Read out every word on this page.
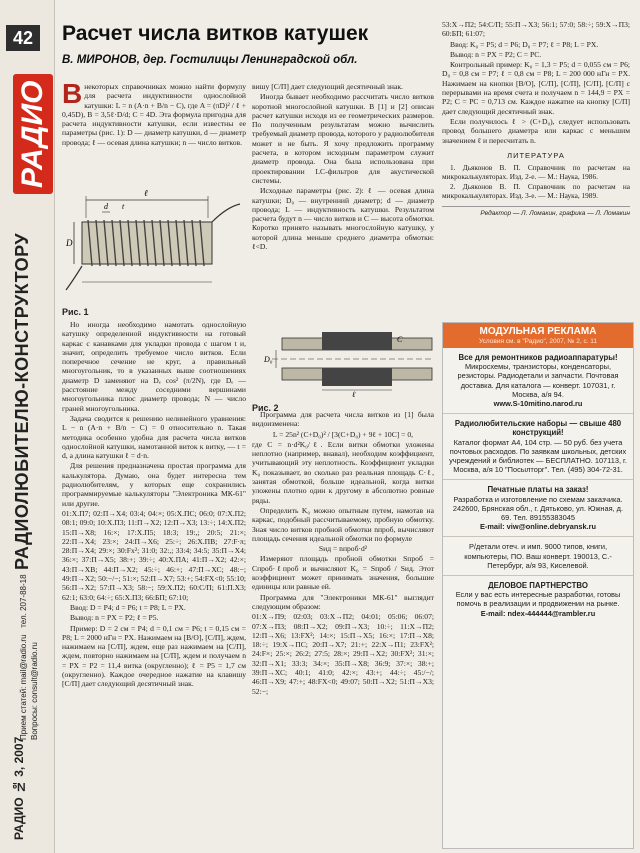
42
РАДИО
РАДИОЛЮБИТЕЛЮ-КОНСТРУКТОРУ
Прием статей: mail@radio.ru   тел. 207-88-18
Вопросы: consult@radio.ru
РАДИО № 3, 2007
Расчет числа витков катушек
В. МИРОНОВ, дер. Гостилицы Ленинградской обл.
В некоторых справочниках можно найти формулу для расчета индуктивности однослойной катушки: L = n (A·n + B/n − C), где A = (πD)² / ℓ + 0,45D), B = 3,5ℓ·D/d; C = 4D. Эта формула пригодна для расчета индуктивности катушки, если известны ее параметры (рис. 1): D — диаметр катушки, d — диаметр провода; ℓ — осевая длина катушки; n — число витков.
ℓ
D
d t
Рис. 1

Но иногда необходимо намотать однослойную катушку определенной индуктивности на готовый каркас с канавками для укладки провода с шагом t и, значит, определить требуемое число витков. Если поперечное сечение не круг, а правильный многоугольник, то в указанных выше соотношениях диаметр D заменяют на Dₑ cos² (π/2N), где Dₑ — расстояние между соседними вершинами многоугольника плюс диаметр провода; N — число граней многоугольника.

Задача сводится к решению нелинейного уравнения: L − n (A·n + B/n − C) = 0 относительно n. Такая методика особенно удобна для расчета числа витков однослойной катушки, намотанной виток к витку, — t = d, а длина катушки ℓ = d·n.

Для решения предназначена простая программа для калькулятора. Думаю, она будет интересна тем радиолюбителям, у которых еще сохранились программируемые калькуляторы "Электроника МК-61" или другие.

01:Х.П7; 02:П→Х4; 03:4; 04:×; 05:Х.ПС; 06:0; 07:Х.П2; 08:1; 09:0; 10:Х.П3; 11:П→Х2; 12:П→Х3; 13:÷; 14:Х.П2; 15:П→Х8; 16:×; 17:Х.П5; 18:3; 19:,; 20:5; 21:×; 22:П→Х4; 23:×; 24:П→Х6; 25:÷; 26:Х.ПВ; 27:F·π; 28:П→Х4; 29:×; 30:Fx²; 31:0; 32:,; 33:4; 34:5; 35:П→Х4; 36:×; 37:П→Х5; 38:+; 39:÷; 40:Х.ПА; 41:П→Х2; 42:×; 43:П→ХВ; 44:П→Х2; 45:÷; 46:+; 47:П→ХС; 48:−; 49:П→Х2; 50:−/−; 51:×; 52:П→Х7; 53:+; 54:FX<0; 55:10; 56:П→Х2; 57:П→Х3; 58:−; 59:Х.П2; 60:С/П; 61:П.Х3; 62:1; 63:0; 64:÷; 65:Х.П3; 66:БП; 67:10;

Ввод: D = P4; d = P6; t = P8; L = PX.

Вывод: n = PX = P2; ℓ = P5.

Пример: D = 2 см = P4; d = 0,1 см = P6; t = 0,15 см = P8; L = 2000 нГн = PX. Нажимаем на [В/О], [С/П], ждем, нажимаем на [С/П], ждем, еще раз нажимаем на [С/П], ждем, повторно нажимаем на [С/П], ждем и получаем n = PX = P2 = 11,4 витка (округленно); ℓ = P5 = 1,7 см (округленно). Каждое очередное нажатие на клавишу [С/П] дает следующий десятичный знак.

вишу [С/П] дает следующий десятичный знак.

Иногда бывает необходимо рассчитать число витков коротной многослойной катушки. В [1] и [2] описан расчет катушки исходя из ее геометрических размеров. По полученным результатам можно вычислить требуемый диаметр провода, которого у радиолюбителя может и не быть. Я хочу предложить программу расчета, в котором исходным параметром служит диаметр провода. Она была использована при проектировании LC-фильтров для акустической системы.

Исходные параметры (рис. 2): ℓ — осевая длина катушки; D₀ — внутренний диаметр; d — диаметр провода; L — индуктивность катушки. Результатом расчета будут n — число витков и С — высота обмотки. Коротко принято называть многослойную катушку, у которой длина меньше среднего диаметра обмотки: ℓ<D.

ℓ
D₀
C
Рис. 2

Программа для расчета числа витков из [1] была видоизменена:

L = 25n² (C+D₀)² / [3(C+D₀) + 9ℓ + 10C] = 0,

где С = n·d²K₀/ℓ. Если витки обмотки уложены неплотно (например, внавал), необходим коэффициент, учитывающий эту неплотность. Коэффициент укладки K₀ показывает, во сколько раз реальная площадь С·ℓ, занятая обмоткой, больше идеальной, когда витки уложены плотно один к другому в абсолютно ровные ряды.

Определить K₀ можно опытным путем, намотав на каркас, подобный рассчитываемому, пробную обмотку. Зная число витков пробной обмотки nпроб, вычисляют площадь сечения идеальной обмотки по формуле

Sид = nпроб·d²

Измеряют площадь пробной обмотки Sпроб = Cпроб·ℓпроб и вычисляют K₀ = Sпроб / Sид. Этот коэффициент может принимать значения, большие единицы или равные ей.

Программа для "Электроники МК-61" выглядит следующим образом:

01:Х→П9; 02:03; 03:Х→П2; 04:01; 05:06; 06:07; 07:Х→П3; 08:П→Х2; 09:П→Х3; 10:÷; 11:Х→П2; 12:П→Х6; 13:FX²; 14:×; 15:П→Х5; 16:×; 17:П→Х8; 18:÷; 19:Х→ПС; 20:П→Х7; 21:+; 22:Х→П1; 23:FX²; 24:F×; 25:×; 26:2; 27:5; 28:×; 29:П→Х2; 30:FX²; 31:×; 32:П→Х1; 33:3; 34:×; 35:П→Х8; 36:9; 37:×; 38:+; 39:П→ХС; 40:1; 41:0; 42:×; 43:+; 44:÷; 45:/−/; 46:П→Х9; 47:+; 48:FX<0; 49:07; 50:П→Х2; 51:П→Х3; 52:−;

53:Х→П2; 54:С/П; 55:П→Х3; 56:1; 57:0; 58:÷; 59:Х→П3; 60:БП; 61:07;

Ввод: K₀ = P5; d = P6; D₀ = P7; ℓ = P8; L = PX.

Вывод: n = PX = P2; С = PC.

Контрольный пример: K₀ = 1,3 = P5; d = 0,055 см = P6; D₀ = 0,8 см = P7; ℓ = 0,8 см = P8; L = 200 000 нГн = PX. Нажимаем на кнопки [В/О], [С/П], [С/П], [С/П], [С/П] с перерывами на время счета и получаем n = 144,9 = PX = P2; С = PC = 0,713 см. Каждое нажатие на кнопку [С/П] дает следующий десятичный знак.

Если получилось ℓ > (С+D₀), следует использовать провод большего диаметра или каркас с меньшим значением ℓ и пересчитать n.

ЛИТЕРАТУРА

1. Дьяконов В. П. Справочник по расчетам на микрокалькуляторах. Изд. 2-е. — М.: Наука, 1986.

2. Дьяконов В. П. Справочник по расчетам на микрокалькуляторах. Изд. 3-е. — М.: Наука, 1989.

Редактор — Л. Ломакин, графика — Л. Ломакин
МОДУЛЬНАЯ РЕКЛАМА
Условия см. в "Радио", 2007, № 2, с. 11
Все для ремонтников радиоаппаратуры! Микросхемы, транзисторы, конденсаторы, резисторы. Радиодетали и запчасти. Почтовая доставка. Для каталога — конверт. 107031, г. Москва, а/я 94.
www.S-10mitino.narod.ru
Радиолюбительские наборы — свыше 480 конструкций!
Каталог формат А4, 104 стр. — 50 руб. без учета почтовых расходов. По заявкам школьных, детских учреждений и библиотек — БЕСПЛАТНО. 107113, г. Москва, а/я 10 "Посылторг". Тел. (495) 304-72-31.
Печатные платы на заказ!
Разработка и изготовление по схемам заказчика. 242600, Брянская обл., г. Дятьково, ул. Южная, д. 69. Тел. 89155383045
E-mail: viw@online.debryansk.ru
Р/детали отеч. и имп. 9000 типов, книги, компьютеры, ПО. Ваш конверт. 190013, С.-Петербург, а/я 93, Киселевой.
ДЕЛОВОЕ ПАРТНЕРСТВО
Если у вас есть интересные разработки, готовы помочь в реализации и продвижении на рынке.
E-mail: ndex-444444@rambler.ru
